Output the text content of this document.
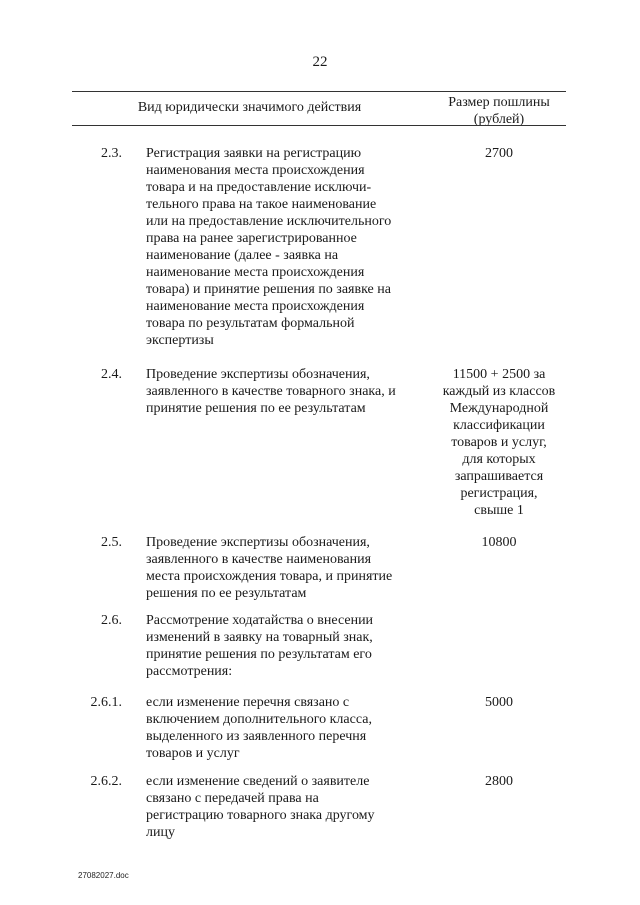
22
Вид юридически значимого действия	Размер пошлины
(рублей)
2.3. Регистрация заявки на регистрацию
наименования места происхождения
товара и на предоставление исключи-
тельного права на такое наименование
или на предоставление исключительного
права на ранее зарегистрированное
наименование (далее - заявка на
наименование места происхождения
товара) и принятие решения по заявке на
наименование места происхождения
товара по результатам формальной
экспертизы
2700
2.4. Проведение экспертизы обозначения,
заявленного в качестве товарного знака, и
принятие решения по ее результатам
11500 + 2500 за
каждый из классов
Международной
классификации
товаров и услуг,
для которых
запрашивается
регистрация,
свыше 1
2.5. Проведение экспертизы обозначения,
заявленного в качестве наименования
места происхождения товара, и принятие
решения по ее результатам
10800
2.6. Рассмотрение ходатайства о внесении
изменений в заявку на товарный знак,
принятие решения по результатам его
рассмотрения:
2.6.1. если изменение перечня связано с
включением дополнительного класса,
выделенного из заявленного перечня
товаров и услуг
5000
2.6.2. если изменение сведений о заявителе
связано с передачей права на
регистрацию товарного знака другому
лицу
2800
27082027.doc
